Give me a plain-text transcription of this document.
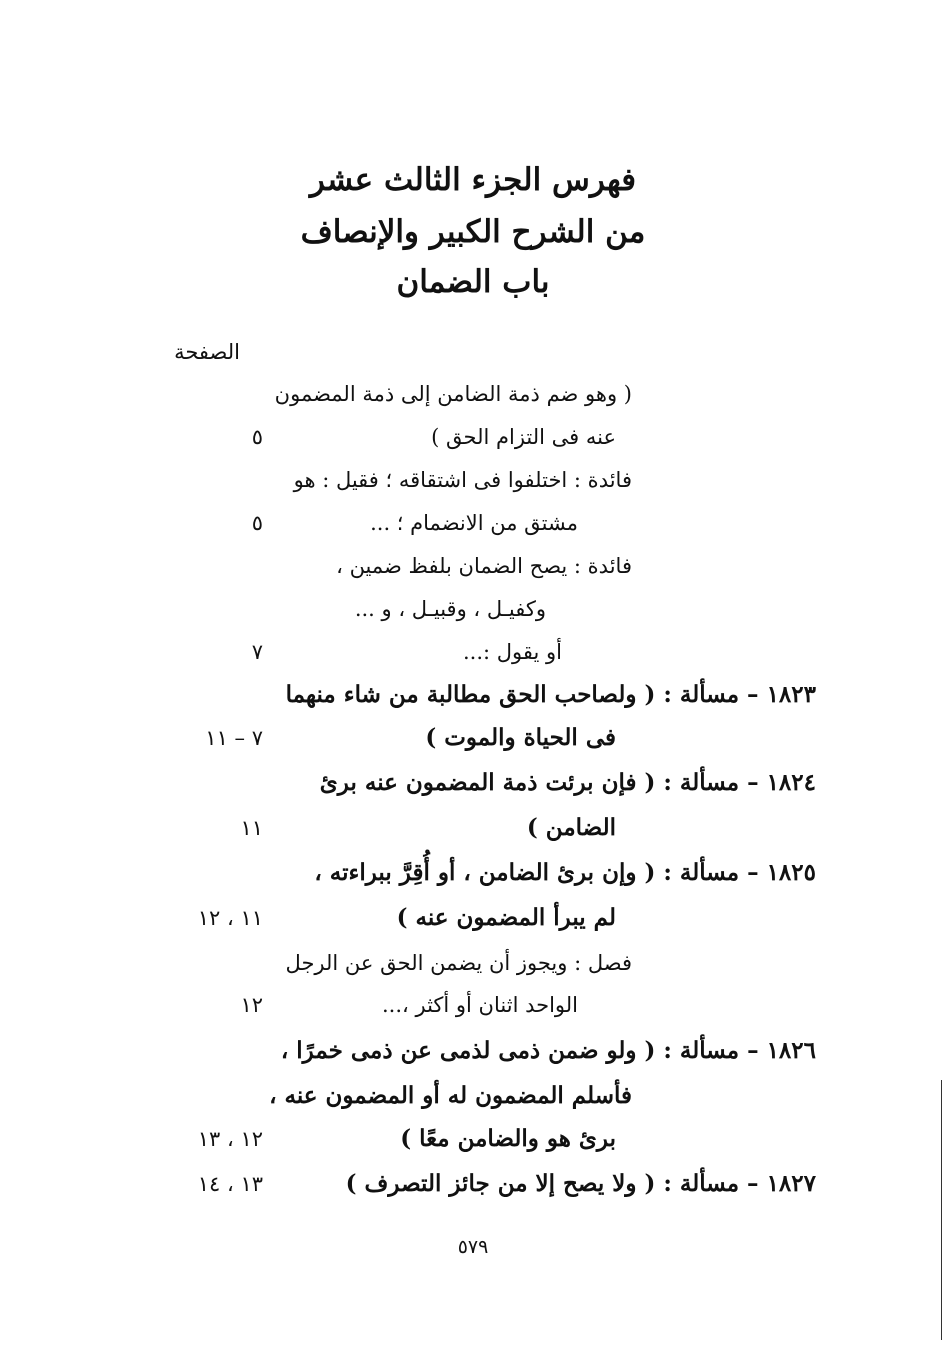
فهرس الجزء الثالث عشر
من الشرح الكبير والإنصاف
باب الضمان
الصفحة
( وهو ضم ذمة الضامن إلى ذمة المضمون
عنه فى التزام الحق )
٥
فائدة : اختلفوا فى اشتقاقه ؛ فقيل : هو
مشتق من الانضمام ؛ ...
٥
فائدة : يصح الضمان بلفظ ضمين ،
وكفيـل ، وقبيـل ، و ...
أو يقول :...
٧
١٨٢٣ – مسألة : ( ولصاحب الحق مطالبة من شاء منهما
فى الحياة والموت )
٧ – ١١
١٨٢٤ – مسألة : ( فإن برئت ذمة المضمون عنه برئ
الضامن )
١١
١٨٢٥ – مسألة : ( وإن برئ الضامن ، أو أُقِرَّ ببراءته ،
لم يبرأ المضمون عنه )
١١ ، ١٢
فصل : ويجوز أن يضمن الحق عن الرجل
الواحد اثنان أو أكثر ،...
١٢
١٨٢٦ – مسألة : ( ولو ضمن ذمى لذمى عن ذمى خمرًا ،
فأسلم المضمون له أو المضمون عنه ،
برئ هو والضامن معًا )
١٢ ، ١٣
١٨٢٧ – مسألة : ( ولا يصح إلا من جائز التصرف )
١٣ ، ١٤
٥٧٩
